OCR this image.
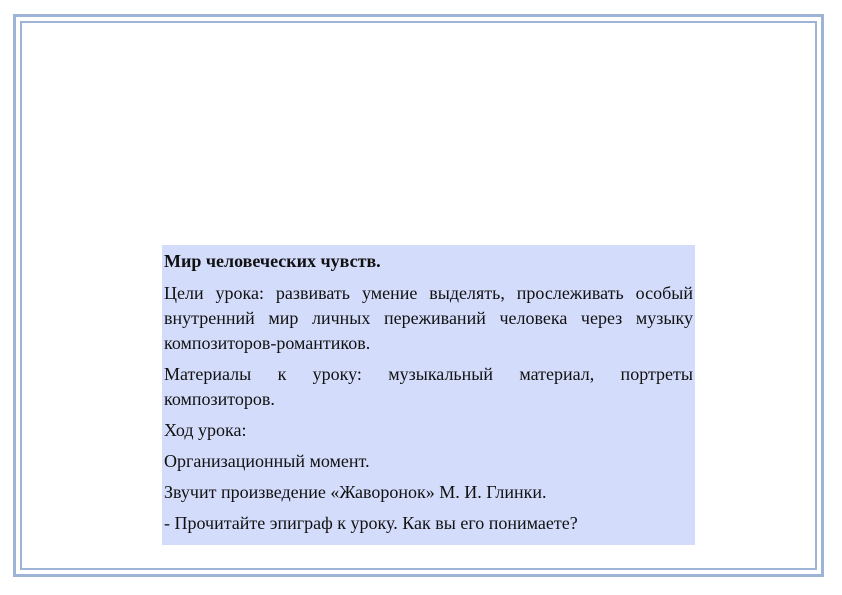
Мир человеческих чувств.

Цели урока: развивать умение выделять, прослеживать особый внутренний мир личных переживаний человека через музыку композиторов-романтиков.

Материалы к уроку: музыкальный материал, портреты композиторов.

Ход урока:

Организационный момент.

Звучит произведение «Жаворонок» М. И. Глинки.

- Прочитайте эпиграф к уроку. Как вы его понимаете?
